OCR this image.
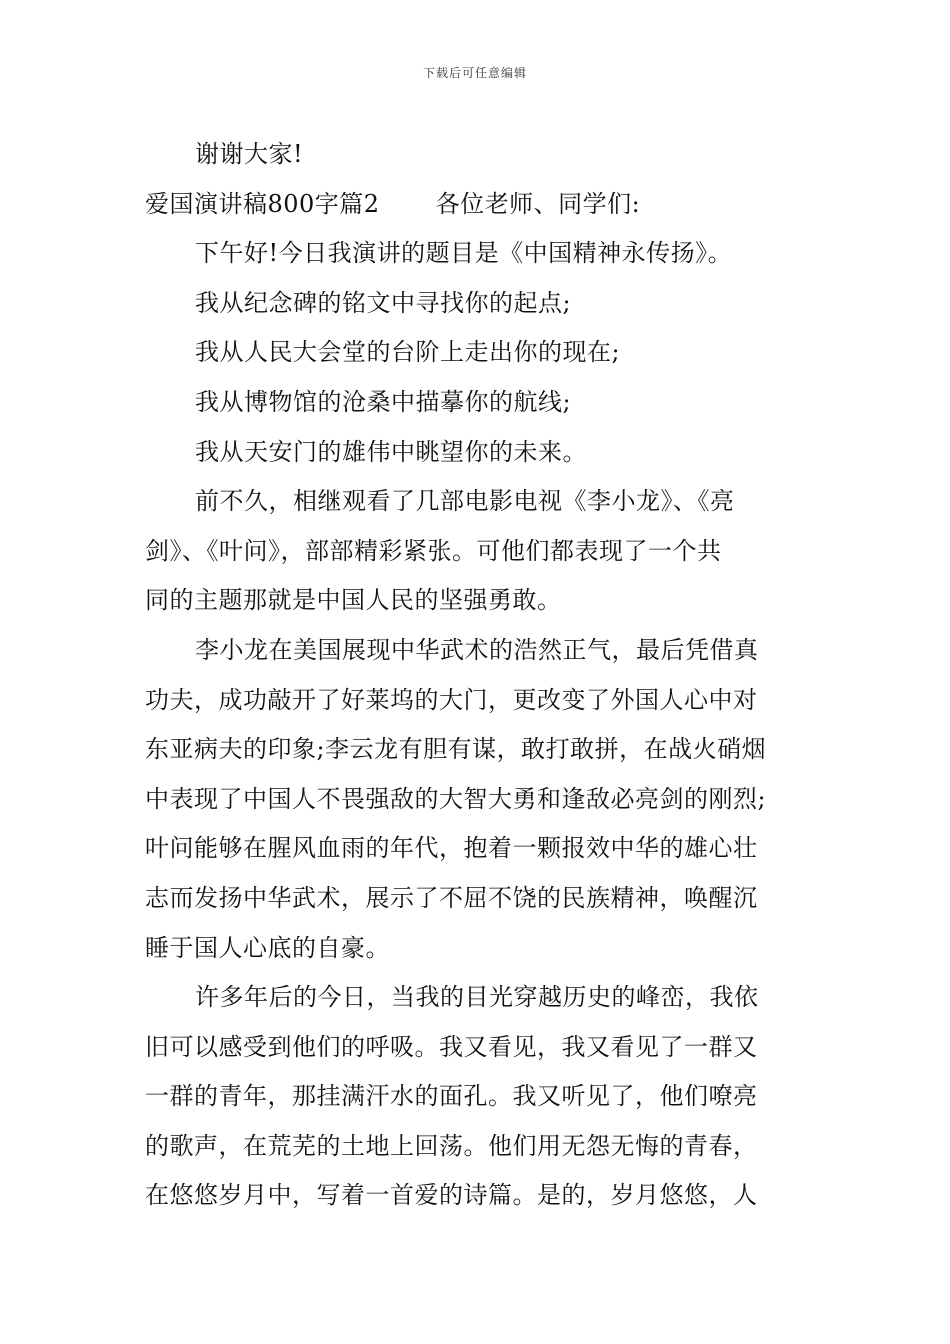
下载后可任意编辑
谢谢大家!
爱国演讲稿800字篇2 各位老师、同学们:
下午好!今日我演讲的题目是《中国精神永传扬》。
我从纪念碑的铭文中寻找你的起点;
我从人民大会堂的台阶上走出你的现在;
我从博物馆的沧桑中描摹你的航线;
我从天安门的雄伟中眺望你的未来。
前不久，相继观看了几部电影电视《李小龙》、《亮
剑》、《叶问》，部部精彩紧张。可他们都表现了一个共
同的主题那就是中国人民的坚强勇敢。
李小龙在美国展现中华武术的浩然正气，最后凭借真
功夫，成功敲开了好莱坞的大门，更改变了外国人心中对
东亚病夫的印象;李云龙有胆有谋，敢打敢拼，在战火硝烟
中表现了中国人不畏强敌的大智大勇和逢敌必亮剑的刚烈;
叶问能够在腥风血雨的年代，抱着一颗报效中华的雄心壮
志而发扬中华武术，展示了不屈不饶的民族精神，唤醒沉
睡于国人心底的自豪。
许多年后的今日，当我的目光穿越历史的峰峦，我依
旧可以感受到他们的呼吸。我又看见，我又看见了一群又
一群的青年，那挂满汗水的面孔。我又听见了，他们嘹亮
的歌声，在荒芜的土地上回荡。他们用无怨无悔的青春，
在悠悠岁月中，写着一首爱的诗篇。是的，岁月悠悠，人
